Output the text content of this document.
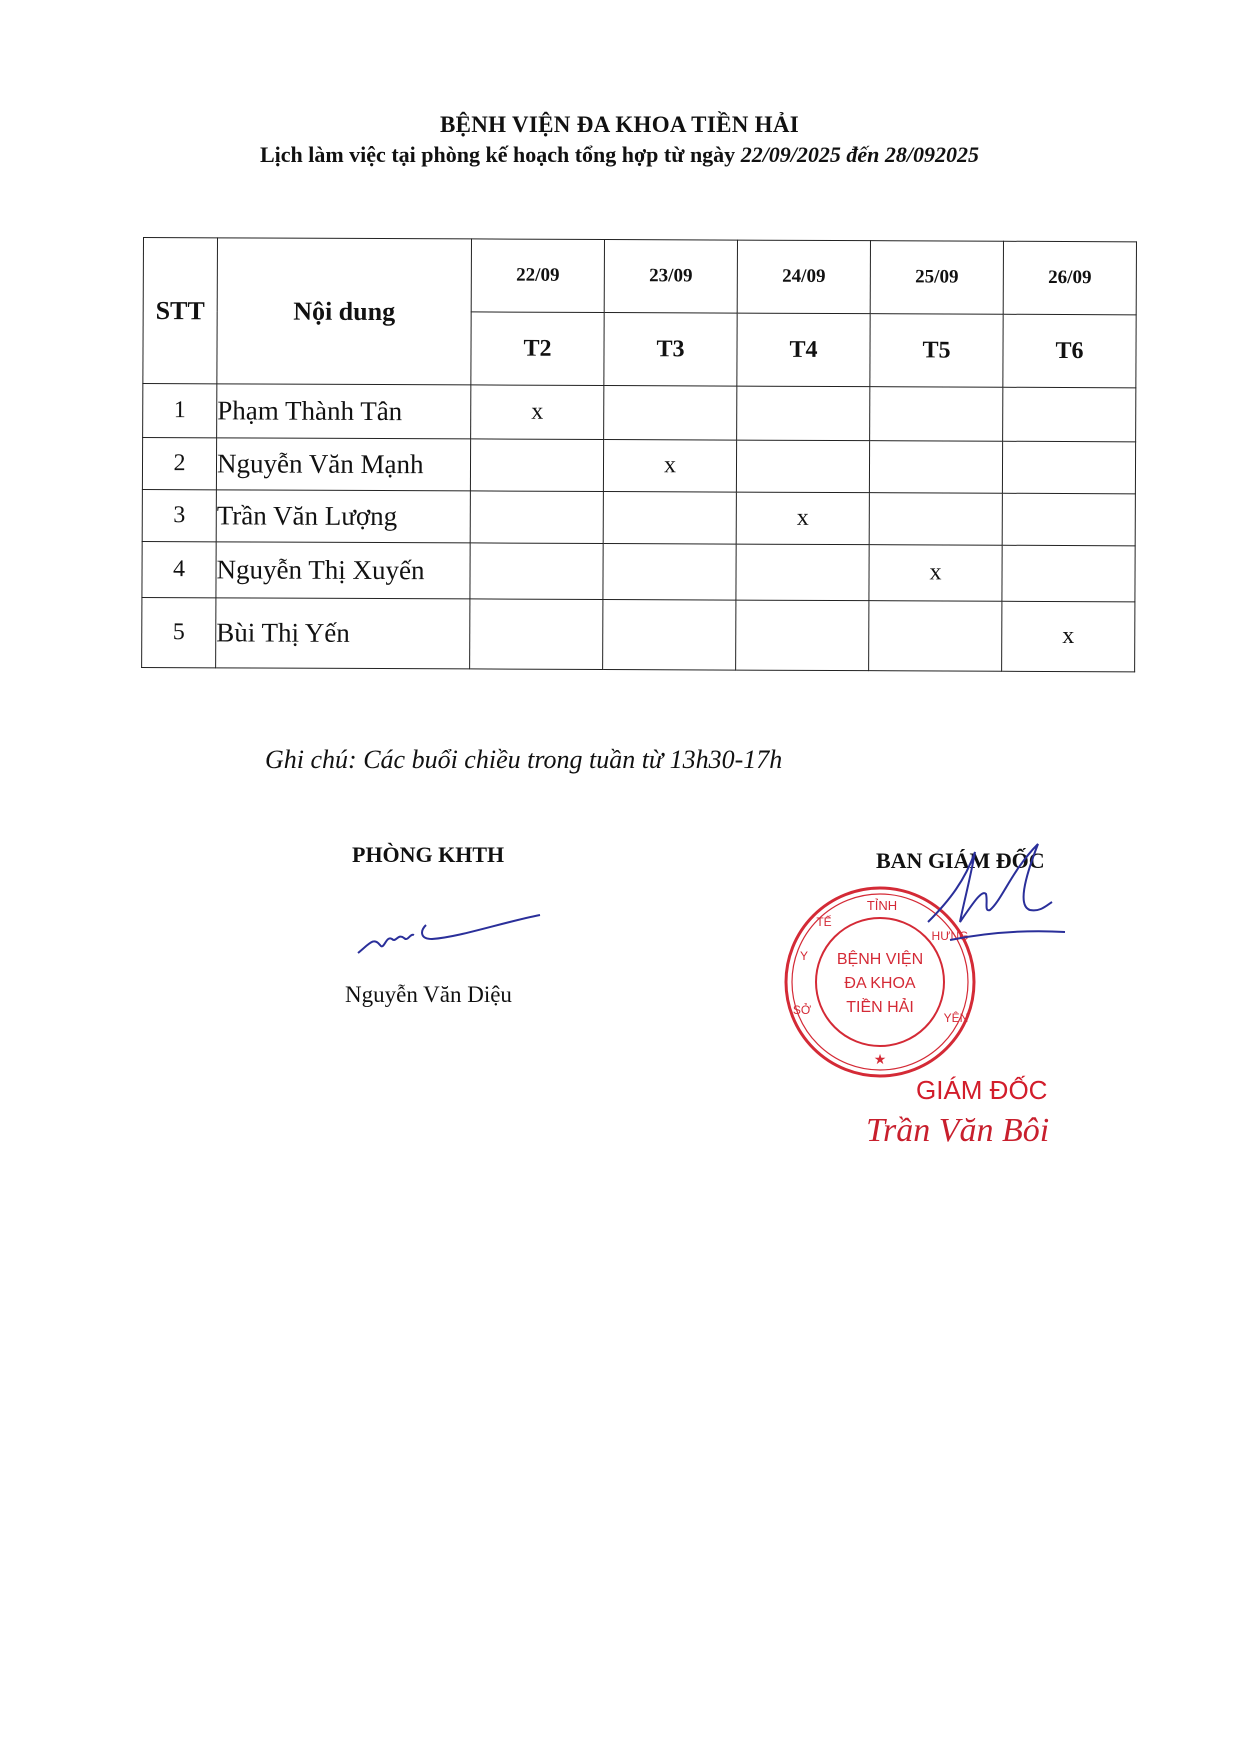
BỆNH VIỆN ĐA KHOA TIỀN HẢI
Lịch làm việc tại phòng kế hoạch tổng hợp từ ngày 22/09/2025 đến 28/092025
STT	Nội dung	22/09	23/09	24/09	25/09	26/09
		T2	T3	T4	T5	T6
1	Phạm Thành Tân	x				
2	Nguyễn Văn Mạnh		x			
3	Trần Văn Lượng			x		
4	Nguyễn Thị Xuyến				x	
5	Bùi Thị Yến					x
Ghi chú: Các buổi chiều trong tuần từ 13h30-17h
PHÒNG KHTH
Nguyễn Văn Diệu
BAN GIÁM ĐỐC
SỞ
Y
TẾ
TỈNH
HƯNG
YÊN
BỆNH VIỆN
ĐA KHOA
TIỀN HẢI
★
GIÁM ĐỐC
Trần Văn Bôi
